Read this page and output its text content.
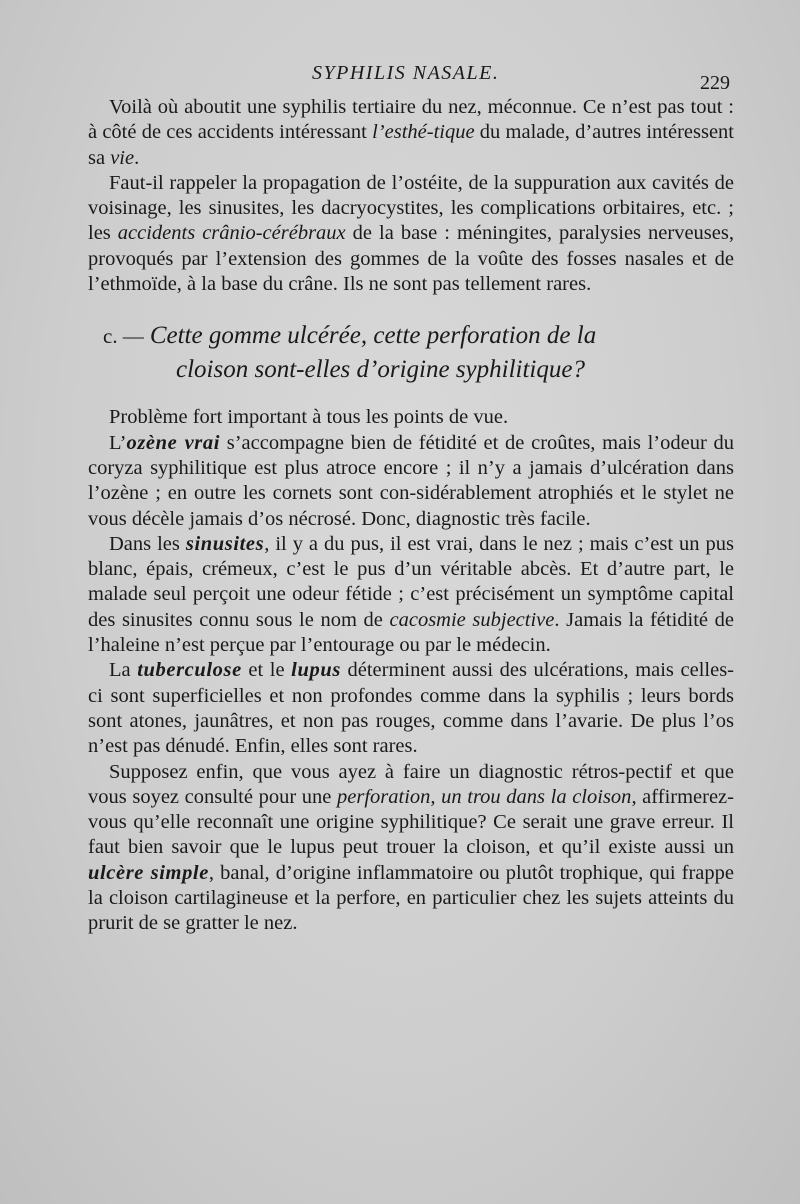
SYPHILIS NASALE.	229

Voilà où aboutit une syphilis tertiaire du nez, méconnue. Ce n’est pas tout : à côté de ces accidents intéressant l’esthé-tique du malade, d’autres intéressent sa vie.

Faut-il rappeler la propagation de l’ostéite, de la suppuration aux cavités de voisinage, les sinusites, les dacryocystites, les complications orbitaires, etc. ; les accidents crânio-cérébraux de la base : méningites, paralysies nerveuses, provoqués par l’extension des gommes de la voûte des fosses nasales et de l’ethmoïde, à la base du crâne. Ils ne sont pas tellement rares.

c. — Cette gomme ulcérée, cette perforation de la
cloison sont-elles d’origine syphilitique?

Problème fort important à tous les points de vue.

L’ozène vrai s’accompagne bien de fétidité et de croûtes, mais l’odeur du coryza syphilitique est plus atroce encore ; il n’y a jamais d’ulcération dans l’ozène ; en outre les cornets sont con-sidérablement atrophiés et le stylet ne vous décèle jamais d’os nécrosé. Donc, diagnostic très facile.

Dans les sinusites, il y a du pus, il est vrai, dans le nez ; mais c’est un pus blanc, épais, crémeux, c’est le pus d’un véritable abcès. Et d’autre part, le malade seul perçoit une odeur fétide ; c’est précisément un symptôme capital des sinusites connu sous le nom de cacosmie subjective. Jamais la fétidité de l’haleine n’est perçue par l’entourage ou par le médecin.

La tuberculose et le lupus déterminent aussi des ulcérations, mais celles-ci sont superficielles et non profondes comme dans la syphilis ; leurs bords sont atones, jaunâtres, et non pas rouges, comme dans l’avarie. De plus l’os n’est pas dénudé. Enfin, elles sont rares.

Supposez enfin, que vous ayez à faire un diagnostic rétros-pectif et que vous soyez consulté pour une perforation, un trou dans la cloison, affirmerez-vous qu’elle reconnaît une origine syphilitique? Ce serait une grave erreur. Il faut bien savoir que le lupus peut trouer la cloison, et qu’il existe aussi un ulcère simple, banal, d’origine inflammatoire ou plutôt trophique, qui frappe la cloison cartilagineuse et la perfore, en particulier chez les sujets atteints du prurit de se gratter le nez.
